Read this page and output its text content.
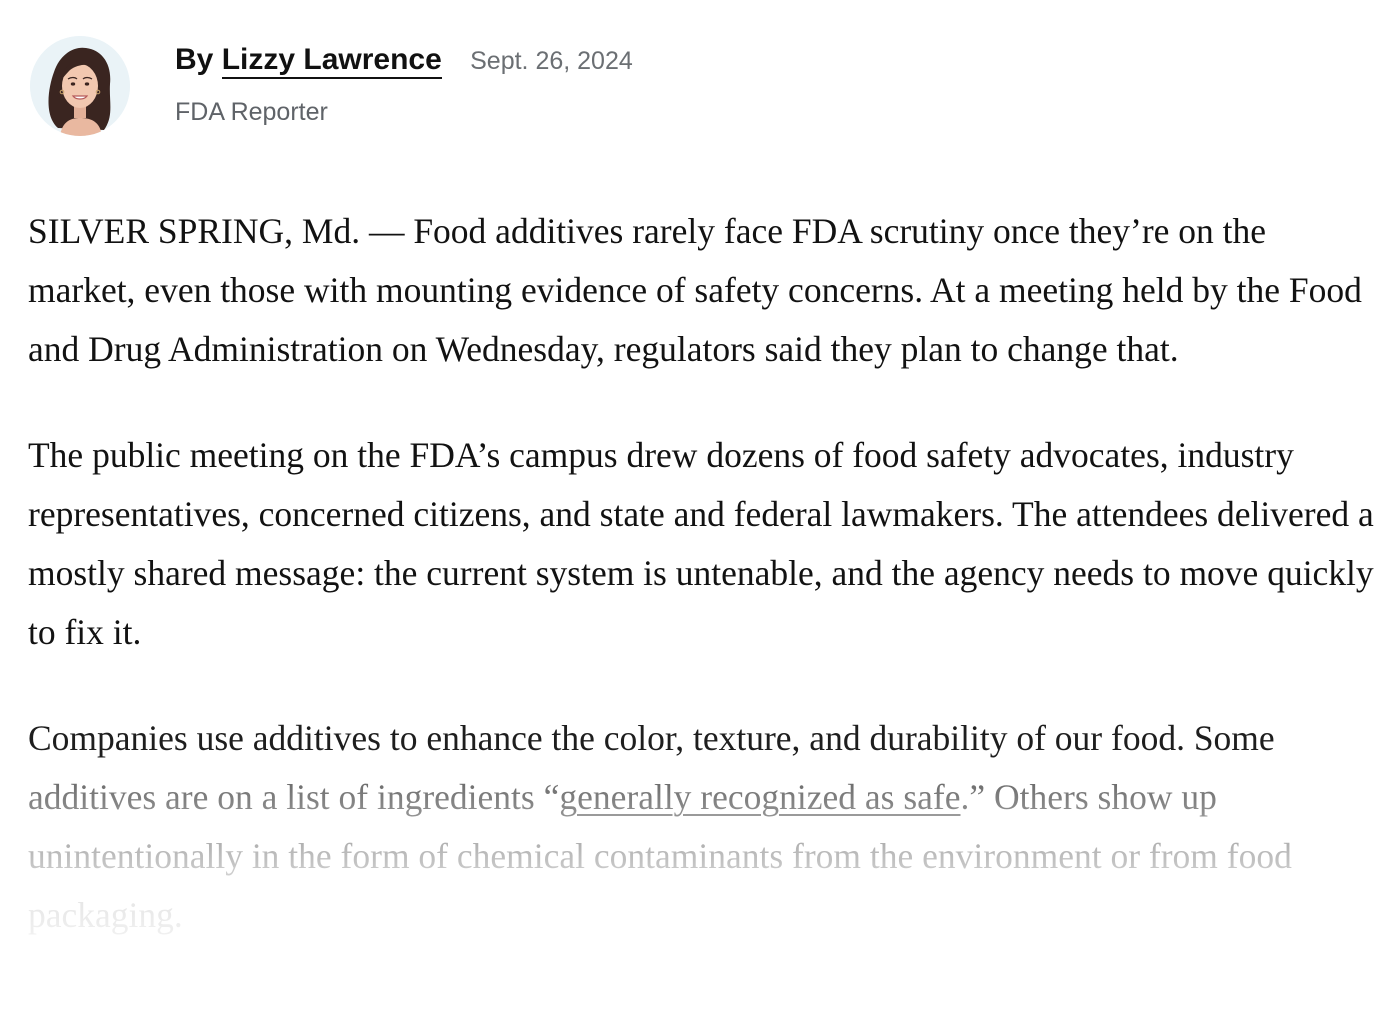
By Lizzy Lawrence Sept. 26, 2024
FDA Reporter

SILVER SPRING, Md. — Food additives rarely face FDA scrutiny once they’re on the market, even those with mounting evidence of safety concerns. At a meeting held by the Food and Drug Administration on Wednesday, regulators said they plan to change that.

The public meeting on the FDA’s campus drew dozens of food safety advocates, industry representatives, concerned citizens, and state and federal lawmakers. The attendees delivered a mostly shared message: the current system is untenable, and the agency needs to move quickly to fix it.

Companies use additives to enhance the color, texture, and durability of our food. Some additives are on a list of ingredients “generally recognized as safe.” Others show up unintentionally in the form of chemical contaminants from the environment or from food packaging.
